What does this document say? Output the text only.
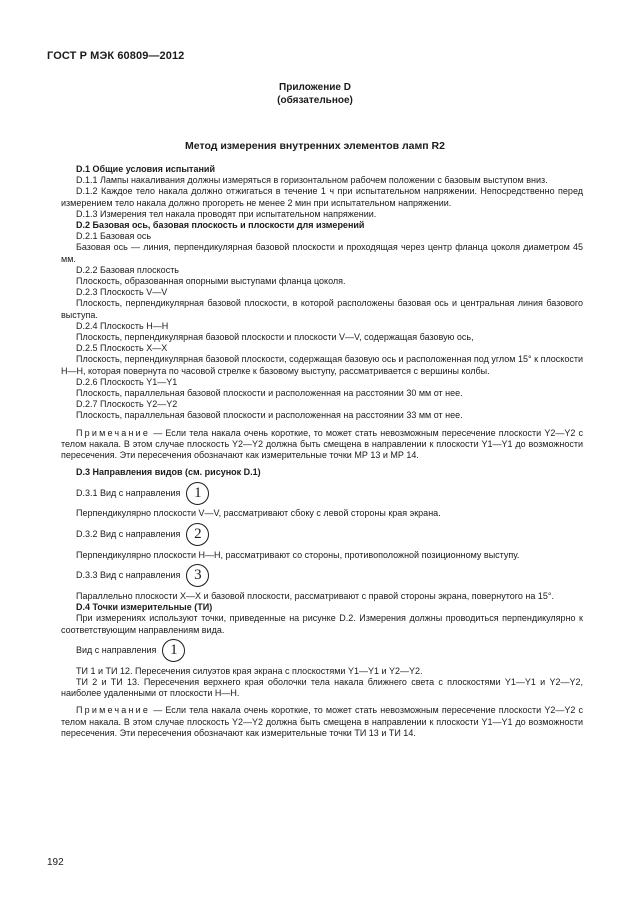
ГОСТ Р МЭК 60809—2012
Приложение D
(обязательное)
Метод измерения внутренних элементов ламп R2

D.1 Общие условия испытаний

D.1.1 Лампы накаливания должны измеряться в горизонтальном рабочем положении с базовым выступом вниз.

D.1.2 Каждое тело накала должно отжигаться в течение 1 ч при испытательном напряжении. Непосредственно перед измерением тело накала должно прогореть не менее 2 мин при испытательном напряжении.

D.1.3 Измерения тел накала проводят при испытательном напряжении.

D.2 Базовая ось, базовая плоскость и плоскости для измерений

D.2.1 Базовая ось

Базовая ось — линия, перпендикулярная базовой плоскости и проходящая через центр фланца цоколя диаметром 45 мм.

D.2.2 Базовая плоскость

Плоскость, образованная опорными выступами фланца цоколя.

D.2.3 Плоскость V—V

Плоскость, перпендикулярная базовой плоскости, в которой расположены базовая ось и центральная линия базового выступа.

D.2.4 Плоскость Н—Н

Плоскость, перпендикулярная базовой плоскости и плоскости V—V, содержащая базовую ось,

D.2.5 Плоскость Х—Х

Плоскость, перпендикулярная базовой плоскости, содержащая базовую ось и расположенная под углом 15° к плоскости Н—Н, которая повернута по часовой стрелке к базовому выступу, рассматривается с вершины колбы.

D.2.6 Плоскость Y1—Y1

Плоскость, параллельная базовой плоскости и расположенная на расстоянии 30 мм от нее.

D.2.7 Плоскость Y2—Y2

Плоскость, параллельная базовой плоскости и расположенная на расстоянии 33 мм от нее.

Примечание — Если тела накала очень короткие, то может стать невозможным пересечение плоскости Y2—Y2 с телом накала. В этом случае плоскость Y2—Y2 должна быть смещена в направлении к плоскости Y1—Y1 до возможности пересечения. Эти пересечения обозначают как измерительные точки МР 13 и МР 14.

D.3 Направления видов (см. рисунок D.1)

D.3.1 Вид с направления 1

Перпендикулярно плоскости V—V, рассматривают сбоку с левой стороны края экрана.

D.3.2 Вид с направления 2

Перпендикулярно плоскости Н—Н, рассматривают со стороны, противоположной позиционному выступу.

D.3.3 Вид с направления 3

Параллельно плоскости Х—Х и базовой плоскости, рассматривают с правой стороны экрана, повернутого на 15°.

D.4 Точки измерительные (ТИ)

При измерениях используют точки, приведенные на рисунке D.2. Измерения должны проводиться перпендикулярно к соответствующим направлениям вида.

Вид с направления 1

ТИ 1 и ТИ 12. Пересечения силуэтов края экрана с плоскостями Y1—Y1 и Y2—Y2.

ТИ 2 и ТИ 13. Пересечения верхнего края оболочки тела накала ближнего света с плоскостями Y1—Y1 и Y2—Y2, наиболее удаленными от плоскости Н—Н.

Примечание — Если тела накала очень короткие, то может стать невозможным пересечение плоскости Y2—Y2 с телом накала. В этом случае плоскость Y2—Y2 должна быть смещена в направлении к плоскости Y1—Y1 до возможности пересечения. Эти пересечения обозначают как измерительные точки ТИ 13 и ТИ 14.

192
